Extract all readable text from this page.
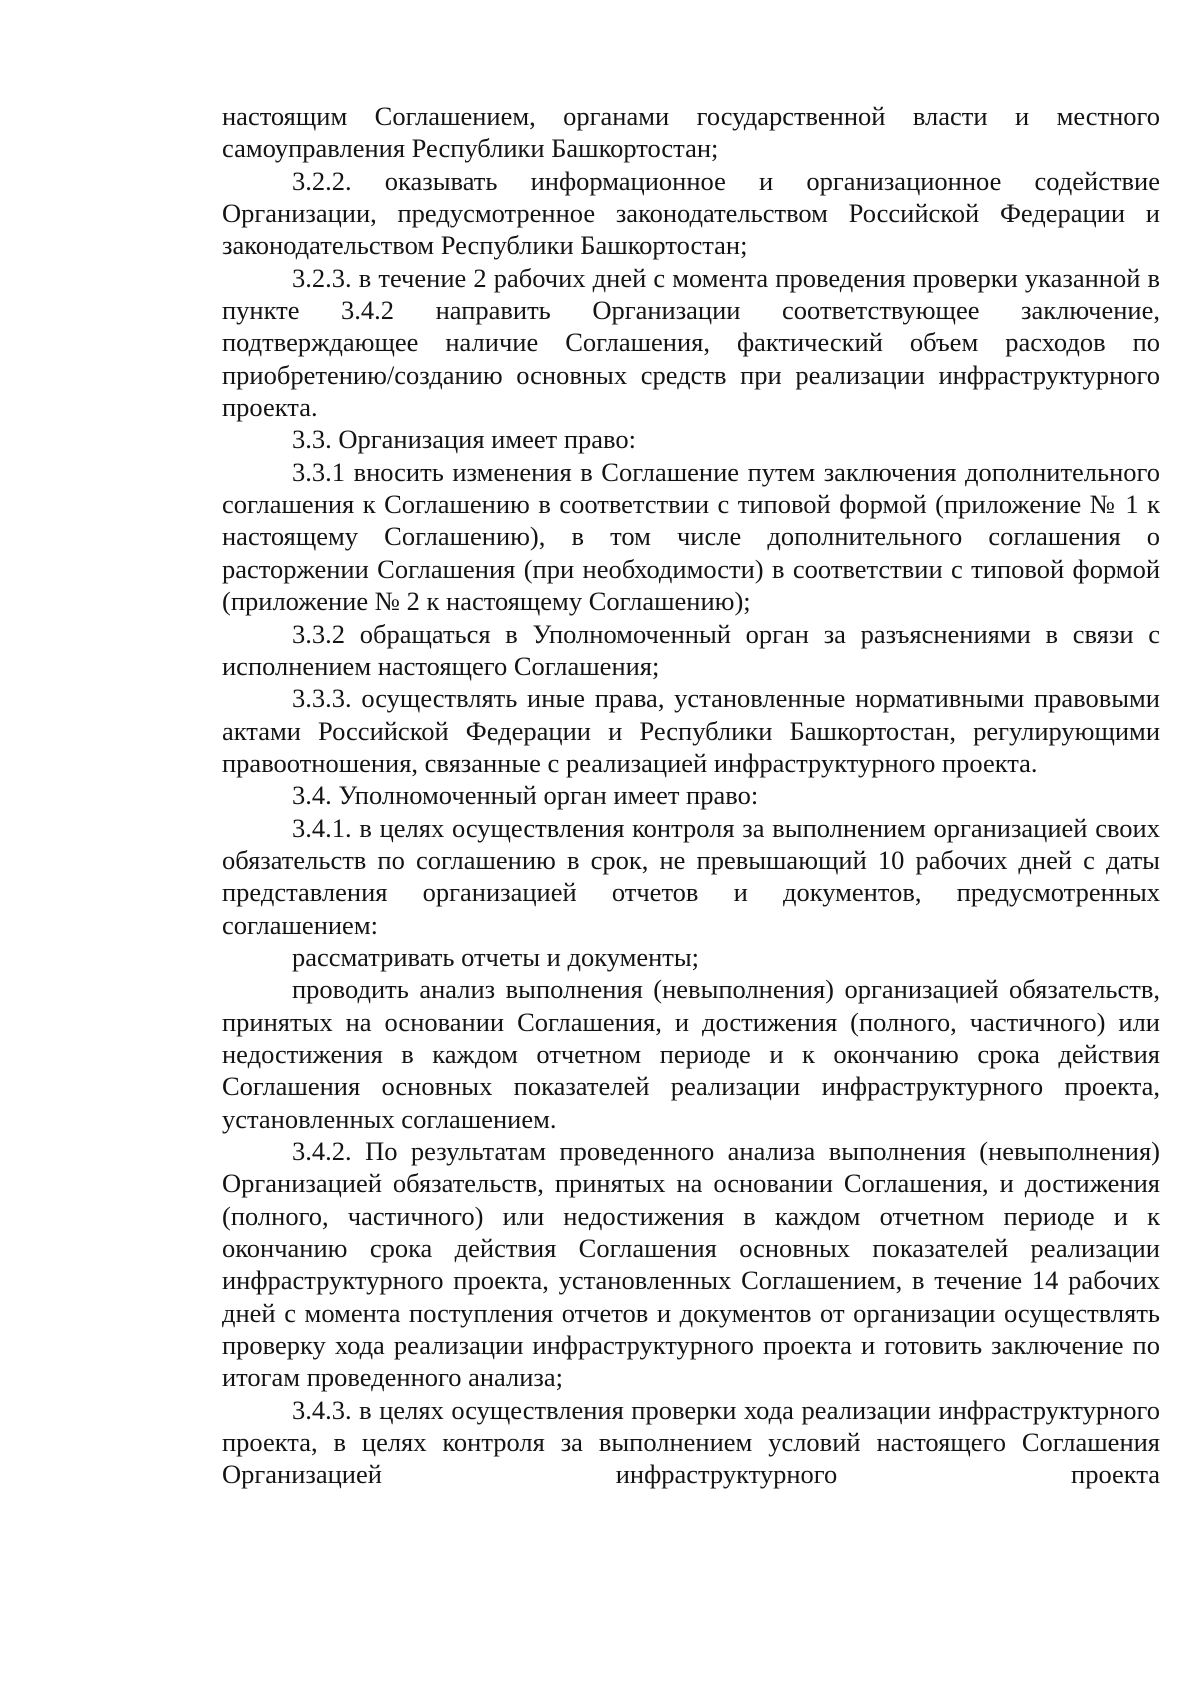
настоящим Соглашением, органами государственной власти и местного самоуправления Республики Башкортостан;

3.2.2. оказывать информационное и организационное содействие Организации, предусмотренное законодательством Российской Федерации и законодательством Республики Башкортостан;

3.2.3. в течение 2 рабочих дней с момента проведения проверки указанной в пункте 3.4.2 направить Организации соответствующее заключение, подтверждающее наличие Соглашения, фактический объем расходов по приобретению/созданию основных средств при реализации инфраструктурного проекта.

3.3. Организация имеет право:

3.3.1 вносить изменения в Соглашение путем заключения дополнительного соглашения к Соглашению в соответствии с типовой формой (приложение № 1 к настоящему Соглашению), в том числе дополнительного соглашения о расторжении Соглашения (при необходимости) в соответствии с типовой формой (приложение № 2 к настоящему Соглашению);

3.3.2 обращаться в Уполномоченный орган за разъяснениями в связи с исполнением настоящего Соглашения;

3.3.3. осуществлять иные права, установленные нормативными правовыми актами Российской Федерации и Республики Башкортостан, регулирующими правоотношения, связанные с реализацией инфраструктурного проекта.

3.4. Уполномоченный орган имеет право:

3.4.1. в целях осуществления контроля за выполнением организацией своих обязательств по соглашению в срок, не превышающий 10 рабочих дней с даты представления организацией отчетов и документов, предусмотренных соглашением:

рассматривать отчеты и документы;

проводить анализ выполнения (невыполнения) организацией обязательств, принятых на основании Соглашения, и достижения (полного, частичного) или недостижения в каждом отчетном периоде и к окончанию срока действия Соглашения основных показателей реализации инфраструктурного проекта, установленных соглашением.

3.4.2. По результатам проведенного анализа выполнения (невыполнения) Организацией обязательств, принятых на основании Соглашения, и достижения (полного, частичного) или недостижения в каждом отчетном периоде и к окончанию срока действия Соглашения основных показателей реализации инфраструктурного проекта, установленных Соглашением, в течение 14 рабочих дней с момента поступления отчетов и документов от организации осуществлять проверку хода реализации инфраструктурного проекта и готовить заключение по итогам проведенного анализа;

3.4.3. в целях осуществления проверки хода реализации инфраструктурного проекта, в целях контроля за выполнением условий настоящего Соглашения Организацией инфраструктурного проекта
